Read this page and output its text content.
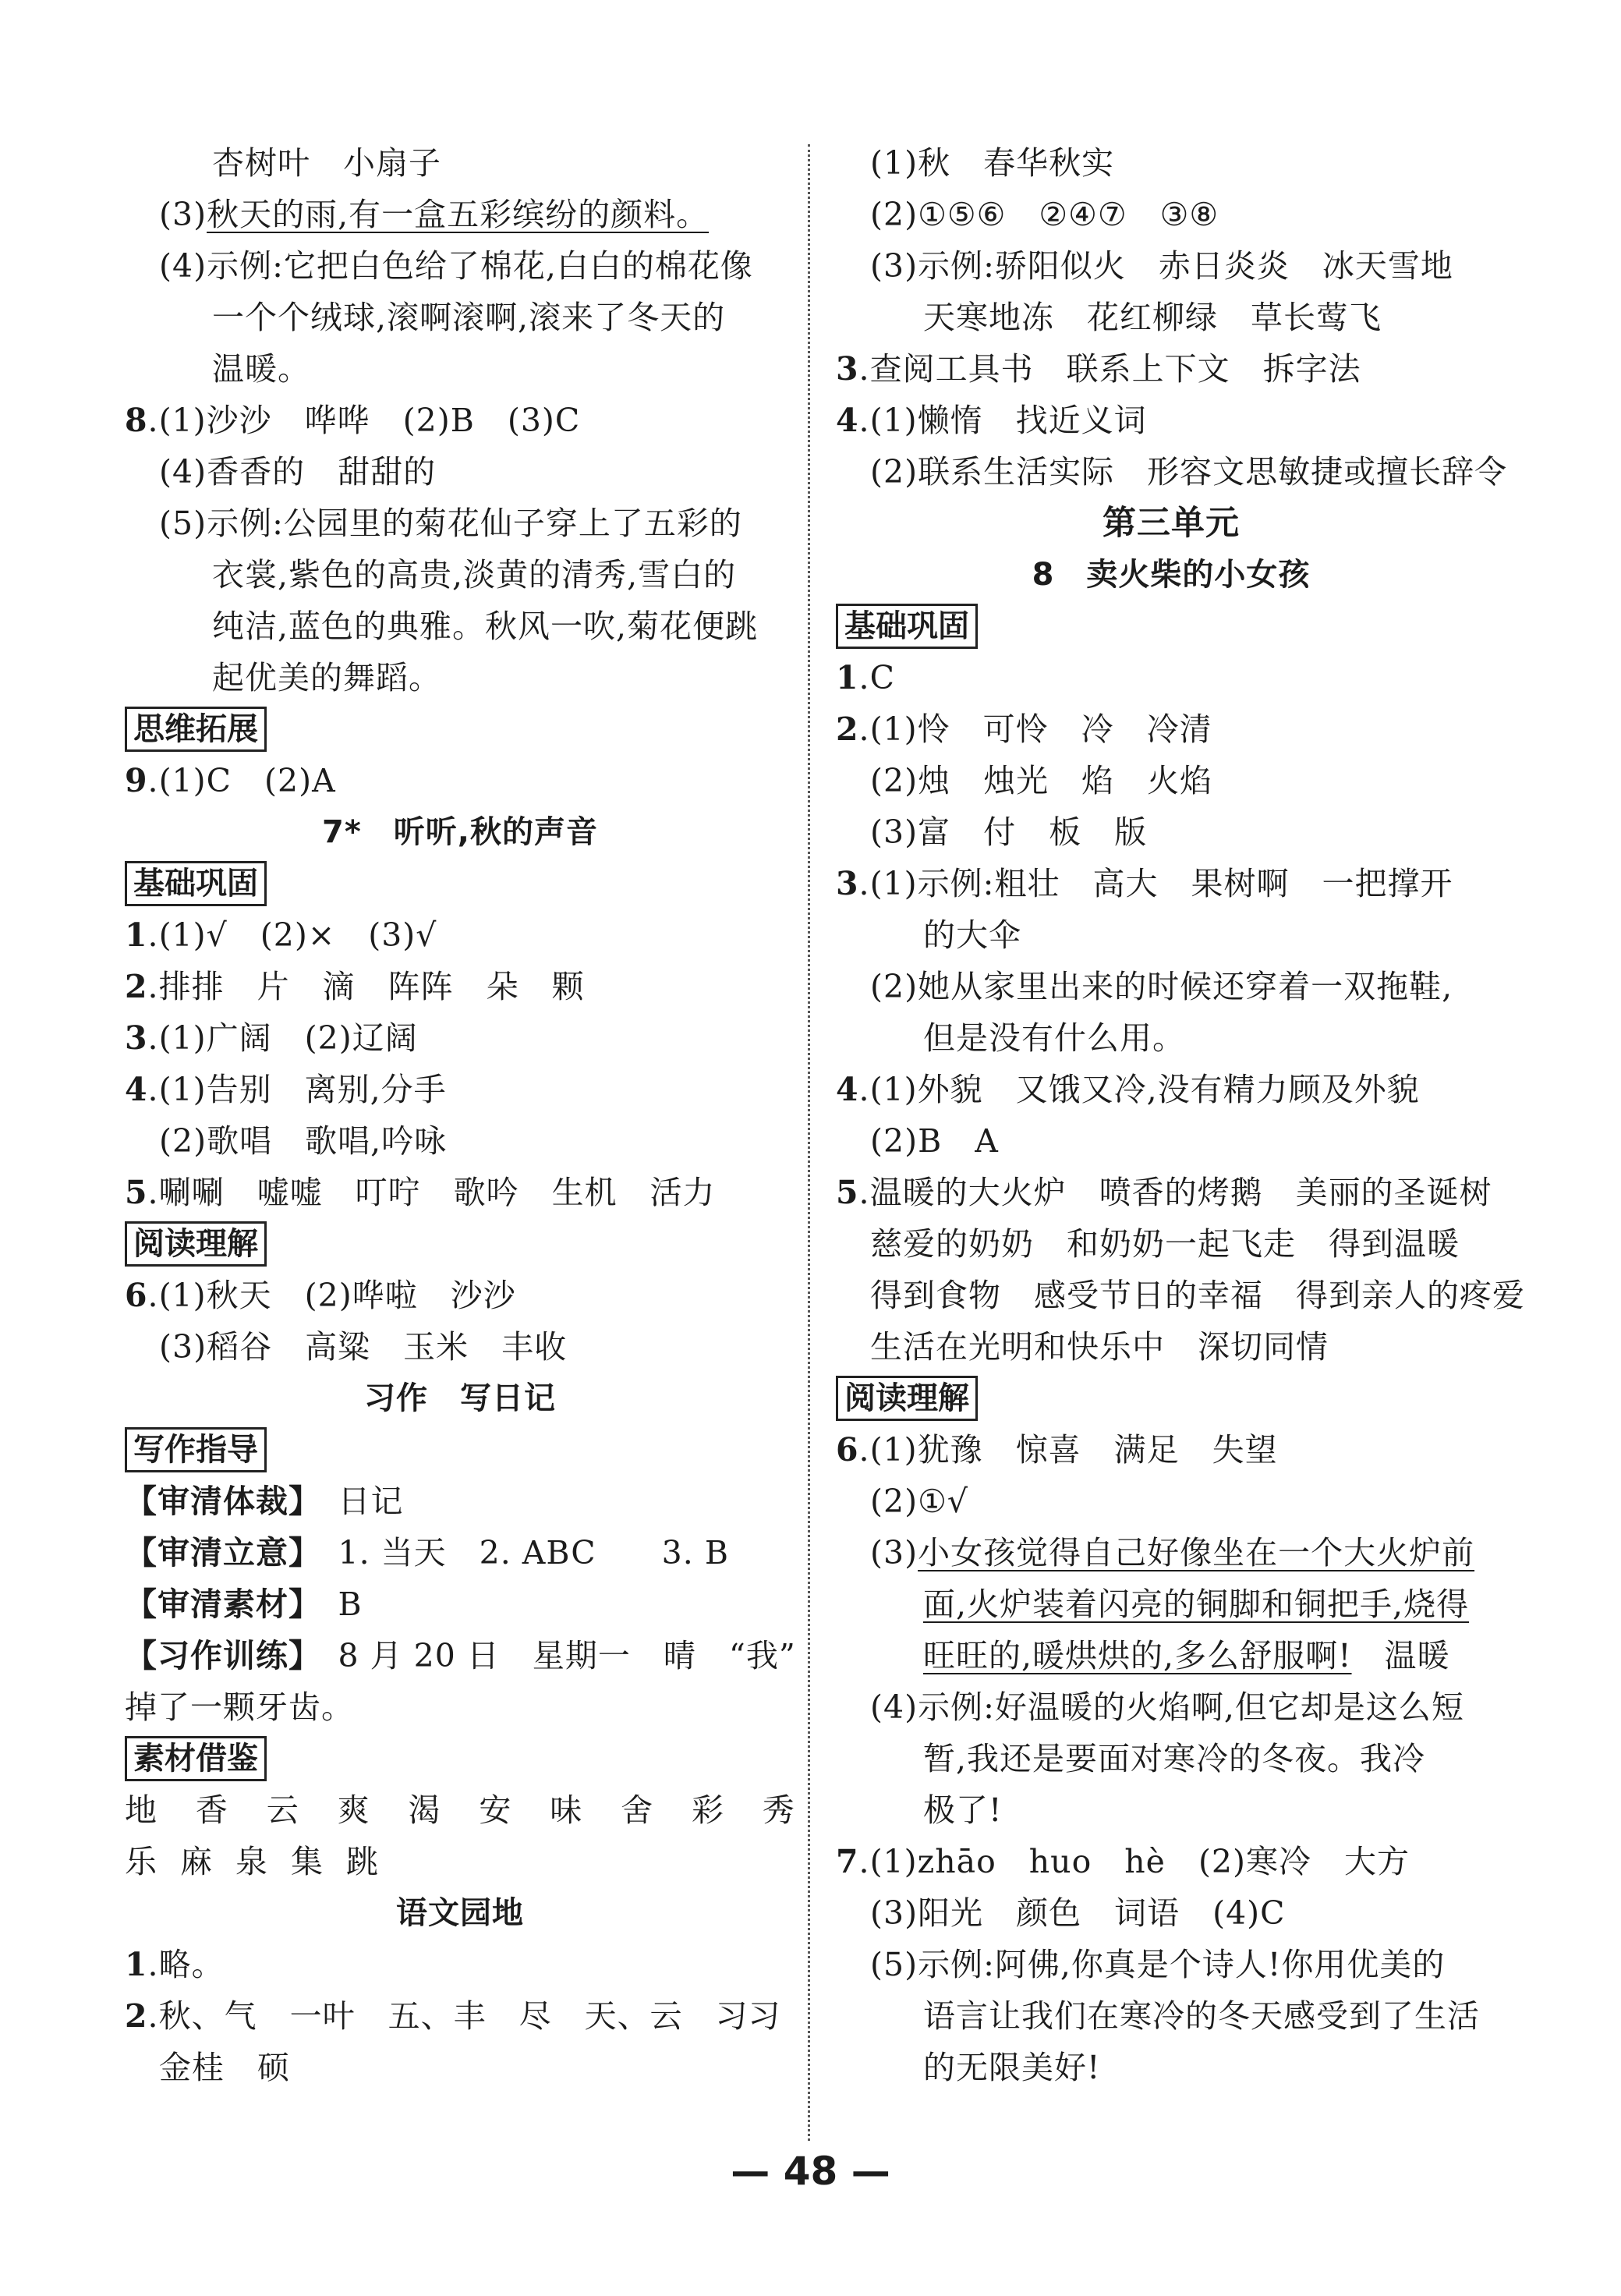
杏树叶　小扇子
(3)秋天的雨,有一盒五彩缤纷的颜料。
(4)示例:它把白色给了棉花,白白的棉花像
一个个绒球,滚啊滚啊,滚来了冬天的
温暖。
8.(1)沙沙　哗哗　(2)B　(3)C
(4)香香的　甜甜的
(5)示例:公园里的菊花仙子穿上了五彩的
衣裳,紫色的高贵,淡黄的清秀,雪白的
纯洁,蓝色的典雅。秋风一吹,菊花便跳
起优美的舞蹈。
思维拓展
9.(1)C　(2)A
7*　听听,秋的声音
基础巩固
1.(1)√　(2)×　(3)√
2.排排　片　滴　阵阵　朵　颗
3.(1)广阔　(2)辽阔
4.(1)告别　离别,分手
(2)歌唱　歌唱,吟咏
5.唰唰　嘘嘘　叮咛　歌吟　生机　活力
阅读理解
6.(1)秋天　(2)哗啦　沙沙
(3)稻谷　高粱　玉米　丰收
习作　写日记
写作指导
【审清体裁】　 日记
【审清立意】　 1. 当天　2. ABC　　3. B
【审清素材】　 B
【习作训练】　 8 月 20 日　星期一　晴　“我”
掉了一颗牙齿。
素材借鉴
地 香 云 爽 渴 安 味 舍 彩 秀
乐麻泉集跳
语文园地
1.略。
2.秋、气　一叶　五、丰　尽　天、云　习习
金桂　硕
(1)秋　春华秋实
(2)①⑤⑥　②④⑦　③⑧
(3)示例:骄阳似火　赤日炎炎　冰天雪地
天寒地冻　花红柳绿　草长莺飞
3.查阅工具书　联系上下文　拆字法
4.(1)懒惰　找近义词
(2)联系生活实际　形容文思敏捷或擅长辞令
第三单元
8　卖火柴的小女孩
基础巩固
1.C
2.(1)怜　可怜　冷　冷清
(2)烛　烛光　焰　火焰
(3)富　付　板　版
3.(1)示例:粗壮　高大　果树啊　一把撑开
的大伞
(2)她从家里出来的时候还穿着一双拖鞋,
但是没有什么用。
4.(1)外貌　又饿又冷,没有精力顾及外貌
(2)B　A
5.温暖的大火炉　喷香的烤鹅　美丽的圣诞树
慈爱的奶奶　和奶奶一起飞走　得到温暖
得到食物　感受节日的幸福　得到亲人的疼爱
生活在光明和快乐中　深切同情
阅读理解
6.(1)犹豫　惊喜　满足　失望
(2)①√
(3)小女孩觉得自己好像坐在一个大火炉前
面,火炉装着闪亮的铜脚和铜把手,烧得
旺旺的,暖烘烘的,多么舒服啊!　 温暖
(4)示例:好温暖的火焰啊,但它却是这么短
暂,我还是要面对寒冷的冬夜。我冷
极了!
7.(1)zhāo　huo　hè　(2)寒冷　大方
(3)阳光　颜色　词语　(4)C
(5)示例:阿佛,你真是个诗人!你用优美的
语言让我们在寒冷的冬天感受到了生活
的无限美好!
— 48 —
